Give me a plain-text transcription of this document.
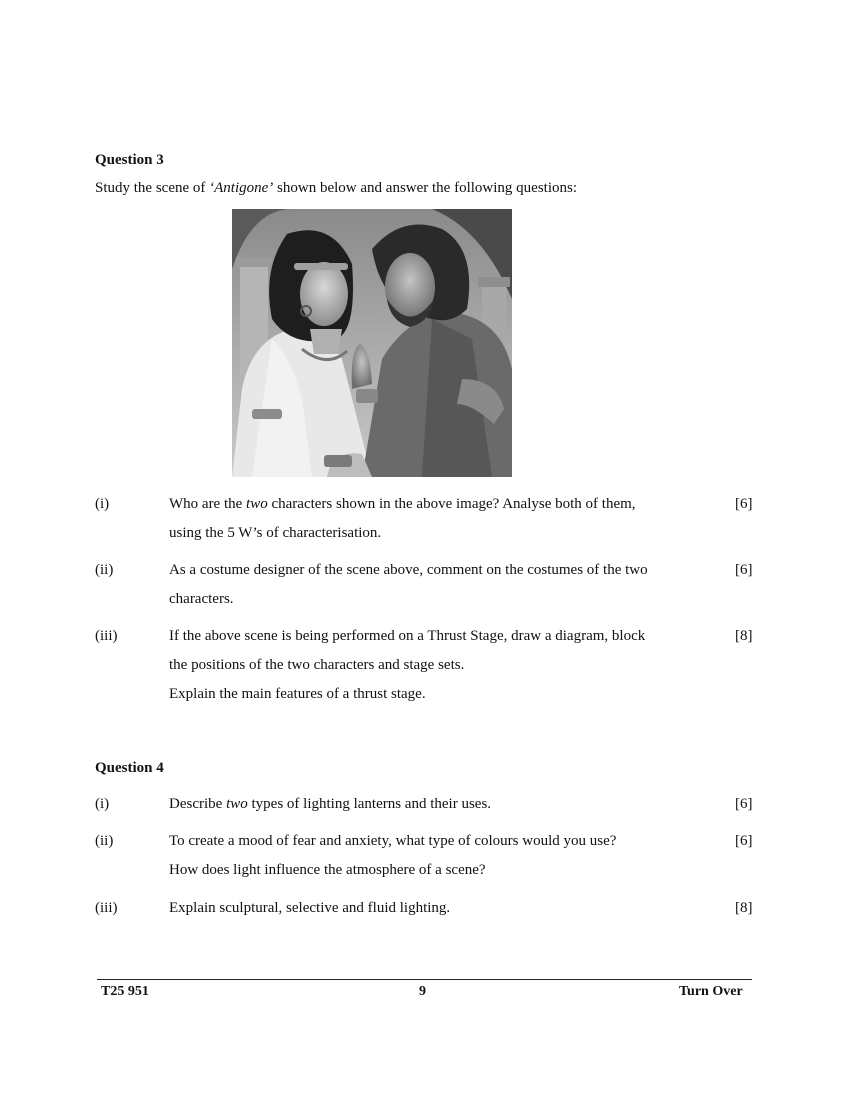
Question 3
Study the scene of ‘Antigone’ shown below and answer the following questions:
(i)	Who are the two characters shown in the above image? Analyse both of them,
using the 5 W’s of characterisation.
[6]
(ii)	As a costume designer of the scene above, comment on the costumes of the two
characters.
[6]
(iii)	If the above scene is being performed on a Thrust Stage, draw a diagram, block
the positions of the two characters and stage sets.
Explain the main features of a thrust stage.
[8]
Question 4
(i)	Describe two types of lighting lanterns and their uses.	[6]
(ii)	To create a mood of fear and anxiety, what type of colours would you use?
How does light influence the atmosphere of a scene?
[6]
(iii)	Explain sculptural, selective and fluid lighting.	[8]
T25 951	9	Turn Over
